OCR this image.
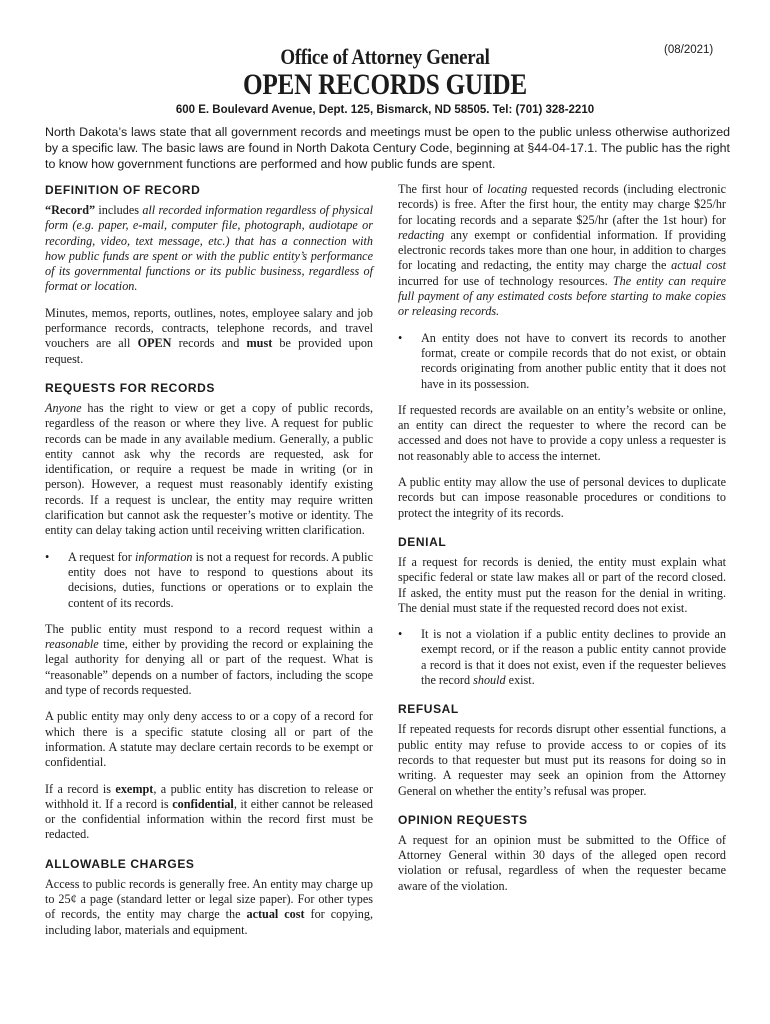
Office of Attorney General	(08/2021)
OPEN RECORDS GUIDE
600 E. Boulevard Avenue, Dept. 125, Bismarck, ND 58505. Tel: (701) 328-2210
North Dakota’s laws state that all government records and meetings must be open to the public unless otherwise authorized by a specific law. The basic laws are found in North Dakota Century Code, beginning at §44-04-17.1. The public has the right to know how government functions are performed and how public funds are spent.
DEFINITION OF RECORD

“Record” includes all recorded information regardless of physical form (e.g. paper, e-mail, computer file, photograph, audiotape or recording, video, text message, etc.) that has a connection with how public funds are spent or with the public entity’s performance of its governmental functions or its public business, regardless of format or location.

Minutes, memos, reports, outlines, notes, employee salary and job performance records, contracts, telephone records, and travel vouchers are all OPEN records and must be provided upon request.

REQUESTS FOR RECORDS

Anyone has the right to view or get a copy of public records, regardless of the reason or where they live. A request for public records can be made in any available medium. Generally, a public entity cannot ask why the records are requested, ask for identification, or require a request be made in writing (or in person). However, a request must reasonably identify existing records. If a request is unclear, the entity may require written clarification but cannot ask the requester’s motive or identity. The entity can delay taking action until receiving written clarification.

• A request for information is not a request for records. A public entity does not have to respond to questions about its decisions, duties, functions or operations or to explain the content of its records.

The public entity must respond to a record request within a reasonable time, either by providing the record or explaining the legal authority for denying all or part of the request. What is “reasonable” depends on a number of factors, including the scope and type of records requested.

A public entity may only deny access to or a copy of a record for which there is a specific statute closing all or part of the information. A statute may declare certain records to be exempt or confidential.

If a record is exempt, a public entity has discretion to release or withhold it. If a record is confidential, it either cannot be released or the confidential information within the record first must be redacted.

ALLOWABLE CHARGES

Access to public records is generally free. An entity may charge up to 25¢ a page (standard letter or legal size paper). For other types of records, the entity may charge the actual cost for copying, including labor, materials and equipment.

The first hour of locating requested records (including electronic records) is free. After the first hour, the entity may charge $25/hr for locating records and a separate $25/hr (after the 1st hour) for redacting any exempt or confidential information. If providing electronic records takes more than one hour, in addition to charges for locating and redacting, the entity may charge the actual cost incurred for use of technology resources. The entity can require full payment of any estimated costs before starting to make copies or releasing records.

• An entity does not have to convert its records to another format, create or compile records that do not exist, or obtain records originating from another public entity that it does not have in its possession.

If requested records are available on an entity’s website or online, an entity can direct the requester to where the record can be accessed and does not have to provide a copy unless a requester is not reasonably able to access the internet.

A public entity may allow the use of personal devices to duplicate records but can impose reasonable procedures or conditions to protect the integrity of its records.

DENIAL

If a request for records is denied, the entity must explain what specific federal or state law makes all or part of the record closed. If asked, the entity must put the reason for the denial in writing. The denial must state if the requested record does not exist.

• It is not a violation if a public entity declines to provide an exempt record, or if the reason a public entity cannot provide a record is that it does not exist, even if the requester believes the record should exist.

REFUSAL

If repeated requests for records disrupt other essential functions, a public entity may refuse to provide access to or copies of its records to that requester but must put its reasons for doing so in writing. A requester may seek an opinion from the Attorney General on whether the entity’s refusal was proper.

OPINION REQUESTS

A request for an opinion must be submitted to the Office of Attorney General within 30 days of the alleged open record violation or refusal, regardless of when the requester became aware of the violation.
